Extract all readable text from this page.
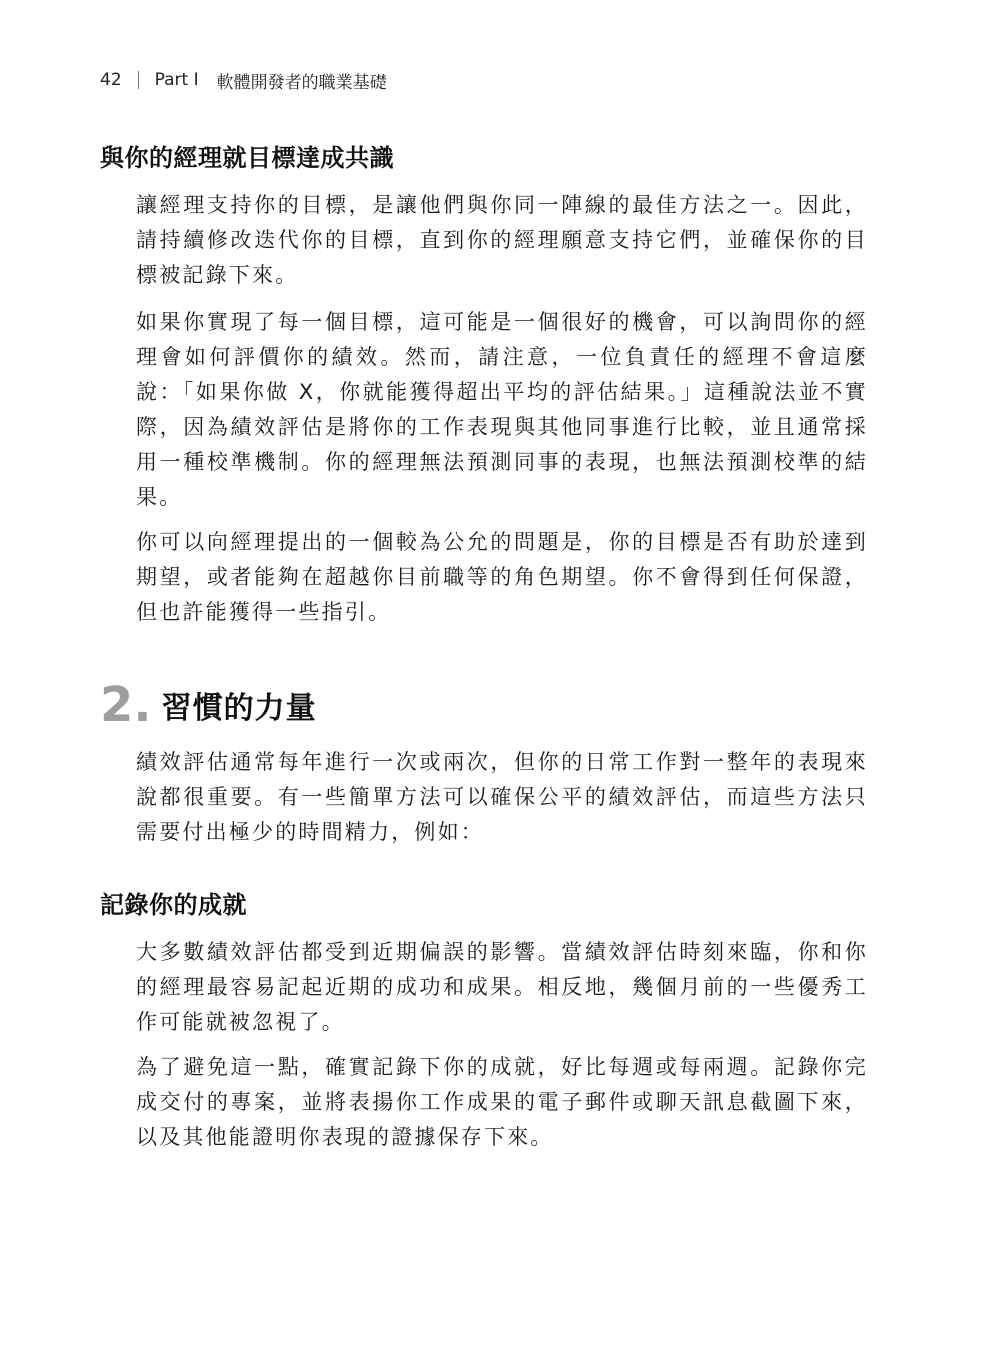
42 Part I 軟體開發者的職業基礎
與你的經理就目標達成共識

讓經理支持你的目標，是讓他們與你同一陣線的最佳方法之一。因此，請持續修改迭代你的目標，直到你的經理願意支持它們，並確保你的目標被記錄下來。

如果你實現了每一個目標，這可能是一個很好的機會，可以詢問你的經理會如何評價你的績效。然而，請注意，一位負責任的經理不會這麼說：「如果你做 X，你就能獲得超出平均的評估結果。」這種說法並不實際，因為績效評估是將你的工作表現與其他同事進行比較，並且通常採用一種校準機制。你的經理無法預測同事的表現，也無法預測校準的結果。

你可以向經理提出的一個較為公允的問題是，你的目標是否有助於達到期望，或者能夠在超越你目前職等的角色期望。你不會得到任何保證，但也許能獲得一些指引。

2. 習慣的力量

績效評估通常每年進行一次或兩次，但你的日常工作對一整年的表現來說都很重要。有一些簡單方法可以確保公平的績效評估，而這些方法只需要付出極少的時間精力，例如：

記錄你的成就

大多數績效評估都受到近期偏誤的影響。當績效評估時刻來臨，你和你的經理最容易記起近期的成功和成果。相反地，幾個月前的一些優秀工作可能就被忽視了。

為了避免這一點，確實記錄下你的成就，好比每週或每兩週。記錄你完成交付的專案，並將表揚你工作成果的電子郵件或聊天訊息截圖下來，以及其他能證明你表現的證據保存下來。
